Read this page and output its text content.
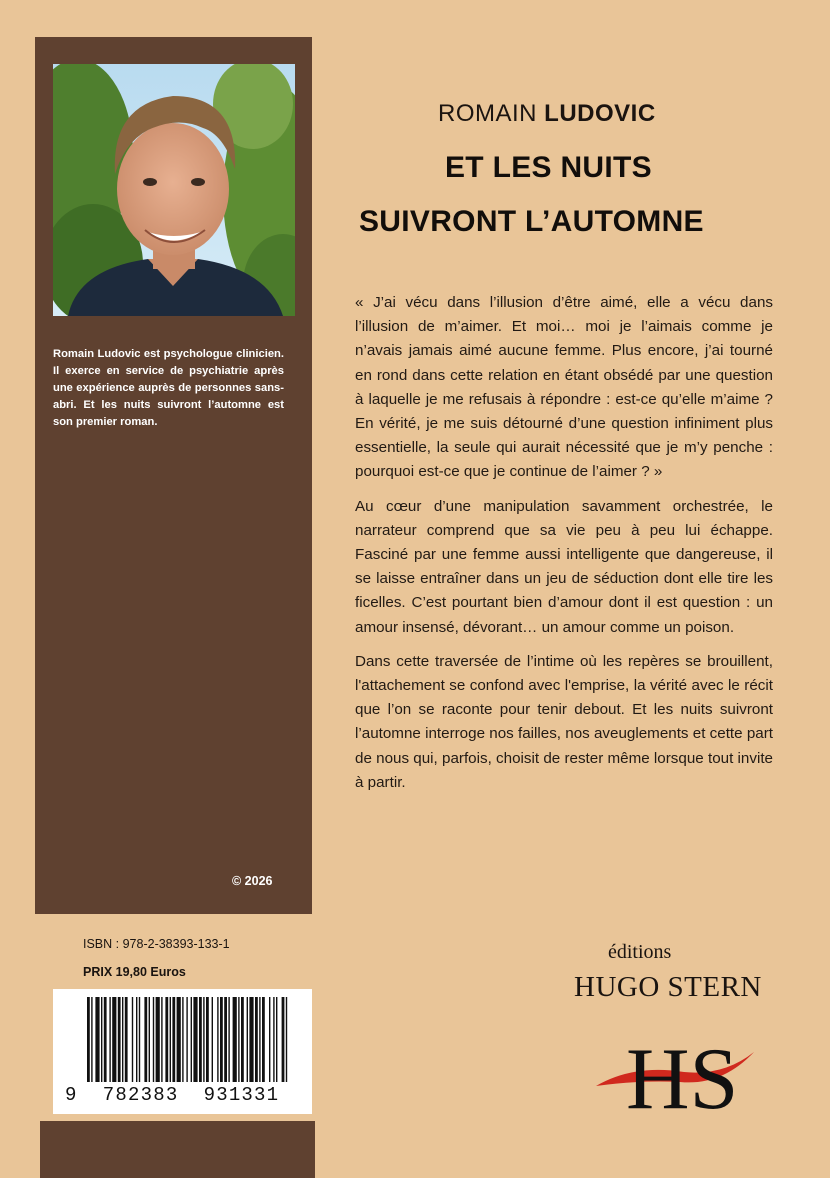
Romain Ludovic est psychologue clinicien. Il exerce en service de psychiatrie après une expérience auprès de personnes sans-abri. Et les nuits suivront l’automne est son premier roman.

© 2026
ROMAIN LUDOVIC
ET LES NUITS
SUIVRONT L’AUTOMNE

« J’ai vécu dans l’illusion d’être aimé, elle a vécu dans l’illusion de m’aimer. Et moi… moi je l’aimais comme je n’avais jamais aimé aucune femme. Plus encore, j’ai tourné en rond dans cette relation en étant obsédé par une question à laquelle je me refusais à répondre : est-ce qu’elle m’aime ? En vérité, je me suis détourné d’une question infiniment plus essentielle, la seule qui aurait nécessité que je m’y penche : pourquoi est-ce que je continue de l’aimer ? »

Au cœur d’une manipulation savamment orchestrée, le narrateur comprend que sa vie peu à peu lui échappe. Fasciné par une femme aussi intelligente que dangereuse, il se laisse entraîner dans un jeu de séduction dont elle tire les ficelles. C’est pourtant bien d’amour dont il est question : un amour insensé, dévorant… un amour comme un poison.

Dans cette traversée de l’intime où les repères se brouillent, l'attachement se confond avec l'emprise, la vérité avec le récit que l’on se raconte pour tenir debout. Et les nuits suivront l’automne interroge nos failles, nos aveuglements et cette part de nous qui, parfois, choisit de rester même lorsque tout invite à partir.

ISBN : 978-2-38393-133-1
PRIX 19,80 Euros
9  782383  931331
éditions
HUGO STERN
HS
